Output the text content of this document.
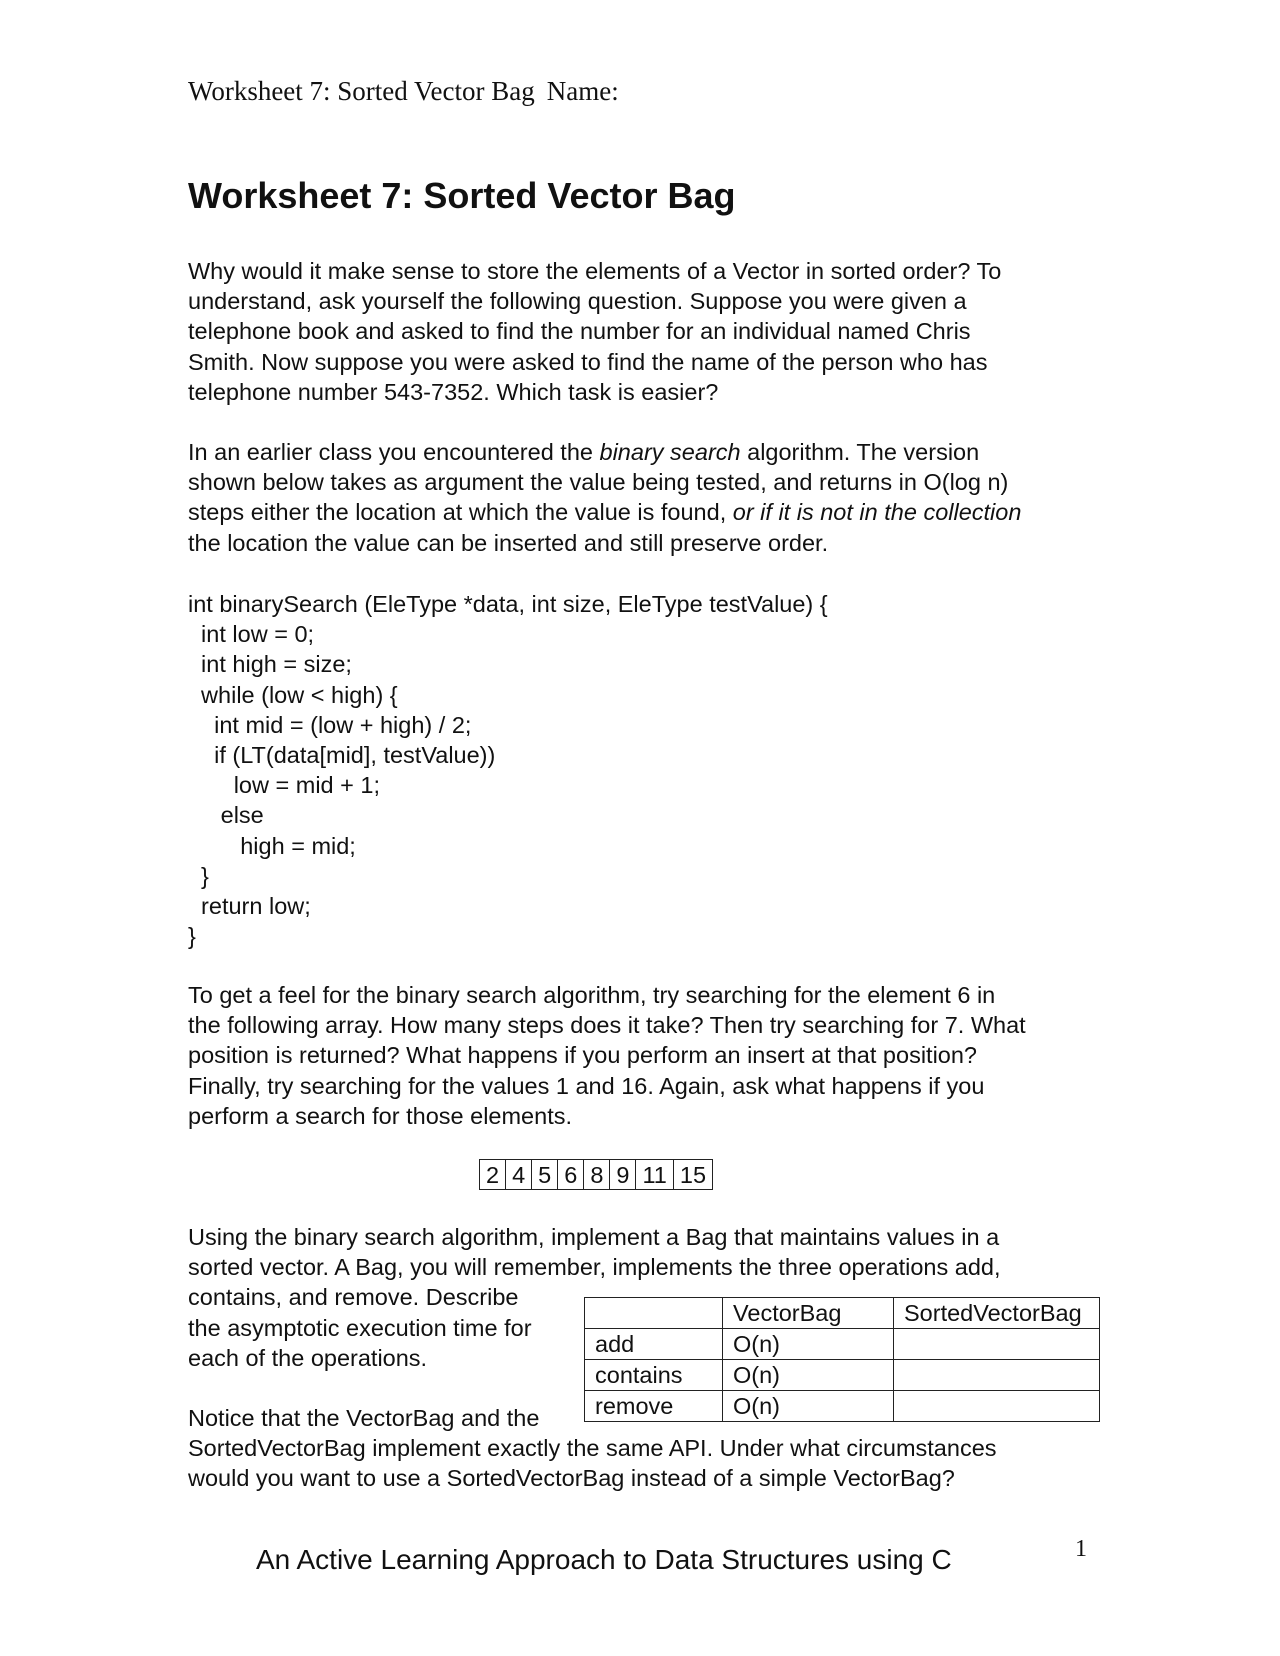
Worksheet 7: Sorted Vector Bag Name:
Worksheet 7: Sorted Vector Bag
Why would it make sense to store the elements of a Vector in sorted order? To
understand, ask yourself the following question. Suppose you were given a
telephone book and asked to find the number for an individual named Chris
Smith. Now suppose you were asked to find the name of the person who has
telephone number 543-7352. Which task is easier?
In an earlier class you encountered the binary search algorithm. The version
shown below takes as argument the value being tested, and returns in O(log n)
steps either the location at which the value is found, or if it is not in the collection
the location the value can be inserted and still preserve order.
int binarySearch (EleType *data, int size, EleType testValue) {
int low = 0;
int high = size;
while (low < high) {
int mid = (low + high) / 2;
if (LT(data[mid], testValue))
low = mid + 1;
else
high = mid;
}
return low;
}
To get a feel for the binary search algorithm, try searching for the element 6 in
the following array. How many steps does it take? Then try searching for 7. What
position is returned? What happens if you perform an insert at that position?
Finally, try searching for the values 1 and 16. Again, ask what happens if you
perform a search for those elements.
2	4	5	6	8	9	11	15
Using the binary search algorithm, implement a Bag that maintains values in a
sorted vector. A Bag, you will remember, implements the three operations add,
contains, and remove. Describe
the asymptotic execution time for
each of the operations.
	VectorBag	SortedVectorBag
add	O(n)	
contains	O(n)	
remove	O(n)	
Notice that the VectorBag and the
SortedVectorBag implement exactly the same API. Under what circumstances
would you want to use a SortedVectorBag instead of a simple VectorBag?
An Active Learning Approach to Data Structures using C	1
